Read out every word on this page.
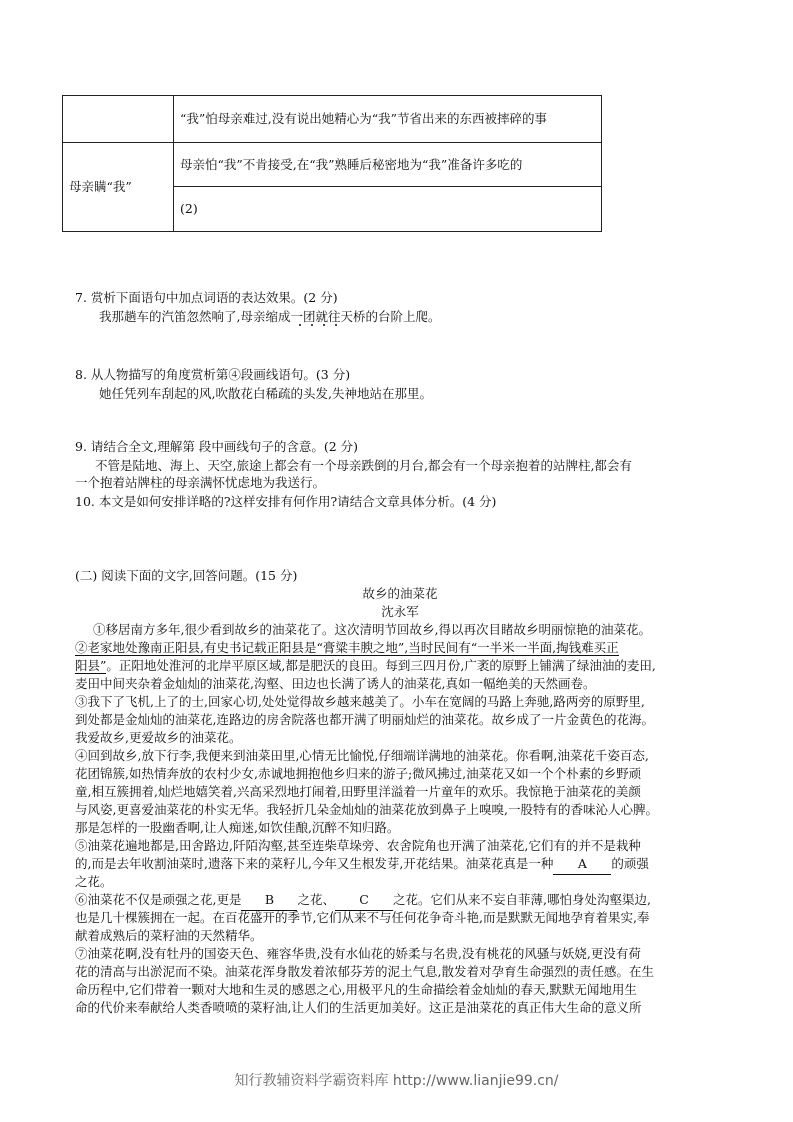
	“我”怕母亲难过,没有说出她精心为“我”节省出来的东西被摔碎的事
母亲瞒“我”	母亲怕“我”不肯接受,在“我”熟睡后秘密地为“我”准备许多吃的
	(2)
7. 赏析下面语句中加点词语的表达效果。(2 分)
我那趟车的汽笛忽然响了,母亲缩成一团就往天桥的台阶上爬。
8. 从人物描写的角度赏析第④段画线语句。(3 分)
她任凭列车刮起的风,吹散花白稀疏的头发,失神地站在那里。
9. 请结合全文,理解第 段中画线句子的含意。(2 分)
不管是陆地、海上、天空,旅途上都会有一个母亲跌倒的月台,都会有一个母亲抱着的站牌柱,都会有
一个抱着站牌柱的母亲满怀忧虑地为我送行。
10. 本文是如何安排详略的?这样安排有何作用?请结合文章具体分析。(4 分)
(二) 阅读下面的文字,回答问题。(15 分)
故乡的油菜花
沈永军
①移居南方多年,很少看到故乡的油菜花了。这次清明节回故乡,得以再次目睹故乡明丽惊艳的油菜花。
②老家地处豫南正阳县,有史书记载正阳县是“膏粱丰腴之地”,当时民间有“一半米一半面,掏钱难买正
阳县”。正阳地处淮河的北岸平原区域,都是肥沃的良田。每到三四月份,广袤的原野上铺满了绿油油的麦田,
麦田中间夹杂着金灿灿的油菜花,沟壑、田边也长满了诱人的油菜花,真如一幅绝美的天然画卷。
③我下了飞机,上了的士,回家心切,处处觉得故乡越来越美了。小车在宽阔的马路上奔驰,路两旁的原野里,
到处都是金灿灿的油菜花,连路边的房舍院落也都开满了明丽灿烂的油菜花。故乡成了一片金黄色的花海。
我爱故乡,更爱故乡的油菜花。
④回到故乡,放下行李,我便来到油菜田里,心情无比愉悦,仔细端详满地的油菜花。你看啊,油菜花千姿百态,
花团锦簇,如热情奔放的农村少女,赤诚地拥抱他乡归来的游子;微风拂过,油菜花又如一个个朴素的乡野顽
童,相互簇拥着,灿烂地嬉笑着,兴高采烈地打闹着,田野里洋溢着一片童年的欢乐。我惊艳于油菜花的美颜
与风姿,更喜爱油菜花的朴实无华。我轻折几朵金灿灿的油菜花放到鼻子上嗅嗅,一股特有的香味沁人心脾。
那是怎样的一股幽香啊,让人痴迷,如饮佳酿,沉醉不知归路。
⑤油菜花遍地都是,田舍路边,阡陌沟壑,甚至连柴草垛旁、农舍院角也开满了油菜花,它们有的并不是栽种
的,而是去年收割油菜时,遗落下来的菜籽儿,今年又生根发芽,开花结果。油菜花真是一种 A 的顽强
之花。
⑥油菜花不仅是顽强之花,更是 B 之花、 C 之花。它们从来不妄自菲薄,哪怕身处沟壑渠边,
也是几十棵簇拥在一起。在百花盛开的季节,它们从来不与任何花争奇斗艳,而是默默无闻地孕育着果实,奉
献着成熟后的菜籽油的天然精华。
⑦油菜花啊,没有牡丹的国姿天色、雍容华贵,没有水仙花的娇柔与名贵,没有桃花的风骚与妖娆,更没有荷
花的清高与出淤泥而不染。油菜花浑身散发着浓郁芬芳的泥土气息,散发着对孕育生命强烈的责任感。在生
命历程中,它们带着一颗对大地和生灵的感恩之心,用极平凡的生命描绘着金灿灿的春天,默默无闻地用生
命的代价来奉献给人类香喷喷的菜籽油,让人们的生活更加美好。这正是油菜花的真正伟大生命的意义所
知行教辅资料学霸资料库 http://www.lianjie99.cn/
